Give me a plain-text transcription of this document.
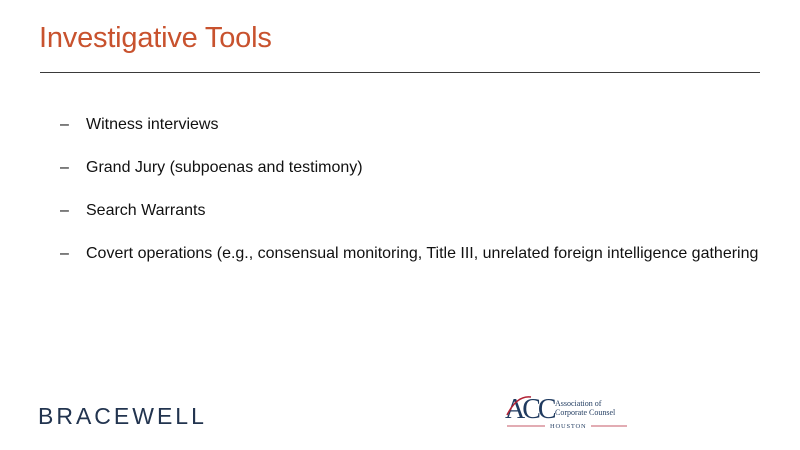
Investigative Tools
– Witness interviews
– Grand Jury (subpoenas and testimony)
– Search Warrants
– Covert operations (e.g., consensual monitoring, Title III, unrelated foreign intelligence gathering
BRACEWELL	ACC Association of
Corporate Counsel
HOUSTON
